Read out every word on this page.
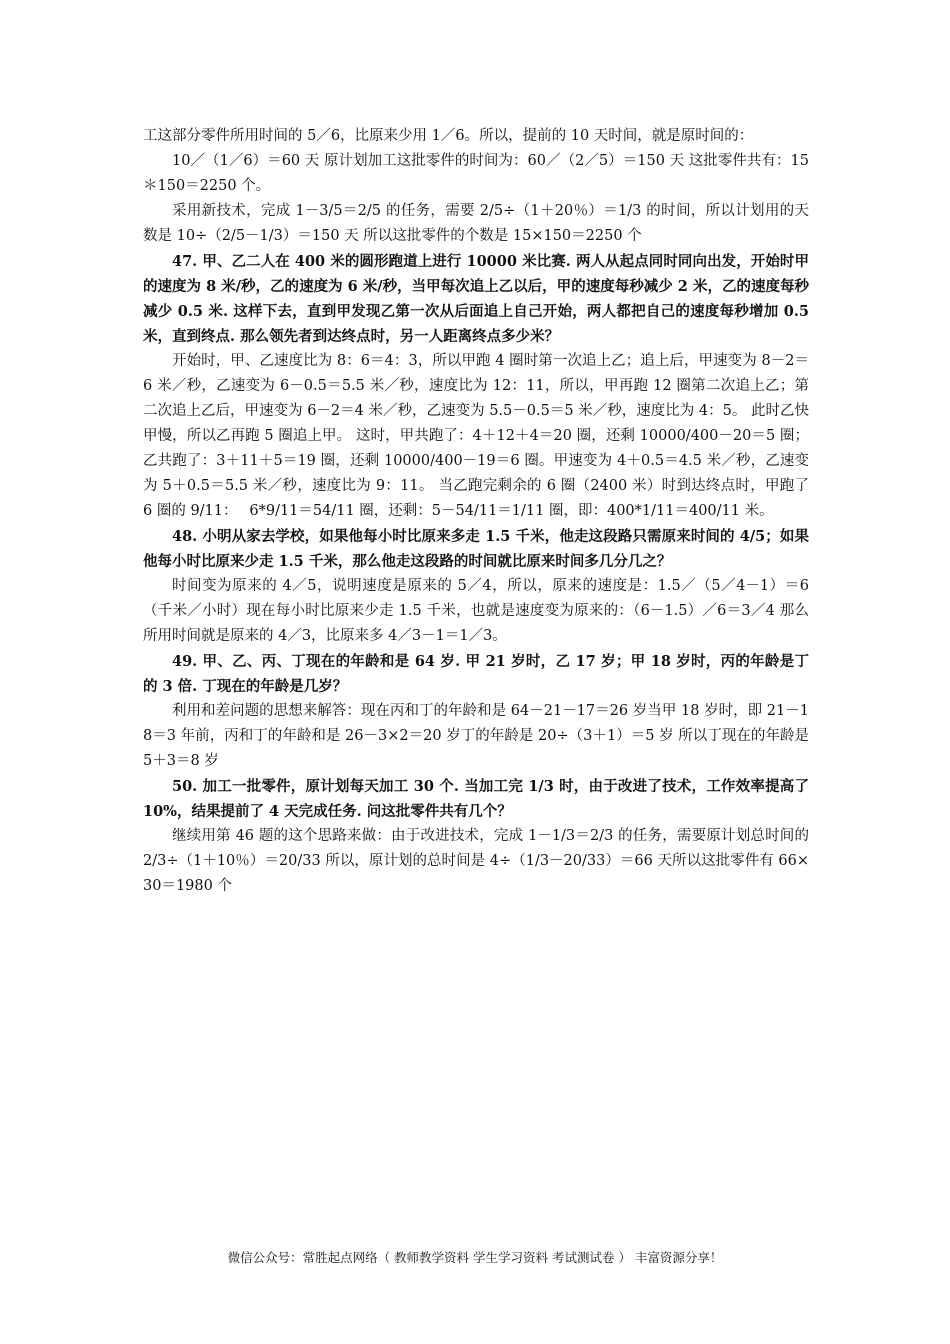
工这部分零件所用时间的 5／6，比原来少用 1／6。所以，提前的 10 天时间，就是原时间的：

10／（1／6）＝60 天 原计划加工这批零件的时间为：60／（2／5）＝150 天 这批零件共有：15＊150＝2250 个。

采用新技术，完成 1－3/5＝2/5 的任务，需要 2/5÷（1＋20％）＝1/3 的时间，所以计划用的天数是 10÷（2/5－1/3）＝150 天 所以这批零件的个数是 15×150＝2250 个

47. 甲、乙二人在 400 米的圆形跑道上进行 10000 米比赛. 两人从起点同时同向出发，开始时甲的速度为 8 米/秒，乙的速度为 6 米/秒，当甲每次追上乙以后，甲的速度每秒减少 2 米，乙的速度每秒减少 0.5 米. 这样下去，直到甲发现乙第一次从后面追上自己开始，两人都把自己的速度每秒增加 0.5 米，直到终点. 那么领先者到达终点时，另一人距离终点多少米？

开始时，甲、乙速度比为 8：6＝4：3，所以甲跑 4 圈时第一次追上乙；追上后，甲速变为 8－2＝6 米／秒，乙速变为 6－0.5＝5.5 米／秒，速度比为 12：11，所以，甲再跑 12 圈第二次追上乙；第二次追上乙后，甲速变为 6－2＝4 米／秒，乙速变为 5.5－0.5＝5 米／秒，速度比为 4：5。 此时乙快甲慢，所以乙再跑 5 圈追上甲。 这时，甲共跑了：4＋12＋4＝20 圈，还剩 10000/400－20＝5 圈；乙共跑了：3＋11＋5＝19 圈，还剩 10000/400－19＝6 圈。甲速变为 4＋0.5＝4.5 米／秒，乙速变为 5＋0.5＝5.5 米／秒，速度比为 9：11。 当乙跑完剩余的 6 圈（2400 米）时到达终点时，甲跑了 6 圈的 9/11：　 6*9/11＝54/11 圈，还剩：5－54/11＝1/11 圈，即：400*1/11＝400/11 米。

48. 小明从家去学校，如果他每小时比原来多走 1.5 千米，他走这段路只需原来时间的 4/5；如果他每小时比原来少走 1.5 千米，那么他走这段路的时间就比原来时间多几分几之？

时间变为原来的 4／5，说明速度是原来的 5／4，所以，原来的速度是：1.5／（5／4－1）＝6（千米／小时）现在每小时比原来少走 1.5 千米，也就是速度变为原来的：（6－1.5）／6＝3／4 那么所用时间就是原来的 4／3，比原来多 4／3－1＝1／3。

49. 甲、乙、丙、丁现在的年龄和是 64 岁. 甲 21 岁时，乙 17 岁；甲 18 岁时，丙的年龄是丁的 3 倍. 丁现在的年龄是几岁？

利用和差问题的思想来解答：现在丙和丁的年龄和是 64－21－17＝26 岁当甲 18 岁时，即 21－18＝3 年前，丙和丁的年龄和是 26－3×2＝20 岁丁的年龄是 20÷（3＋1）＝5 岁 所以丁现在的年龄是 5＋3＝8 岁

50. 加工一批零件，原计划每天加工 30 个. 当加工完 1/3 时，由于改进了技术，工作效率提高了 10%，结果提前了 4 天完成任务. 问这批零件共有几个？

继续用第 46 题的这个思路来做：由于改进技术，完成 1－1/3＝2/3 的任务，需要原计划总时间的 2/3÷（1＋10％）＝20/33 所以，原计划的总时间是 4÷（1/3－20/33）＝66 天所以这批零件有 66×30＝1980 个

微信公众号：常胜起点网络（ 教师教学资料 学生学习资料 考试测试卷 ） 丰富资源分享！
